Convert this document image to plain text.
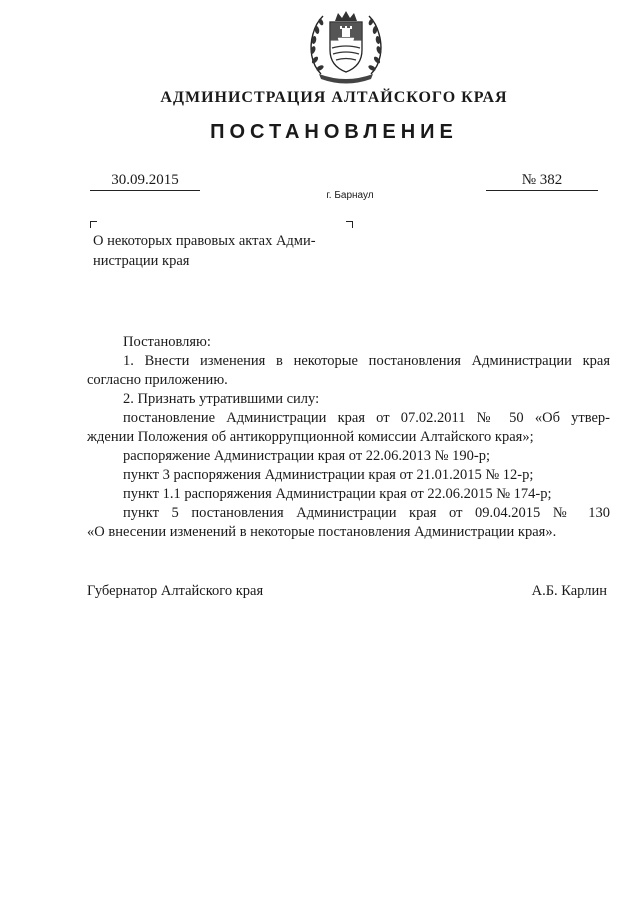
АДМИНИСТРАЦИЯ АЛТАЙСКОГО КРАЯ
ПОСТАНОВЛЕНИЕ
30.09.2015	№ 382
г. Барнаул
О некоторых правовых актах Адми-
нистрации края
Постановляю:
1. Внести изменения в некоторые постановления Администрации края
согласно приложению.
2. Признать утратившими силу:
постановление Администрации края от 07.02.2011 № 50 «Об утвер-
ждении Положения об антикоррупционной комиссии Алтайского края»;
распоряжение Администрации края от 22.06.2013 № 190-р;
пункт 3 распоряжения Администрации края от 21.01.2015 № 12-р;
пункт 1.1 распоряжения Администрации края от 22.06.2015 № 174-р;
пункт 5 постановления Администрации края от 09.04.2015 № 130
«О внесении изменений в некоторые постановления Администрации края».
Губернатор Алтайского края	А.Б. Карлин
